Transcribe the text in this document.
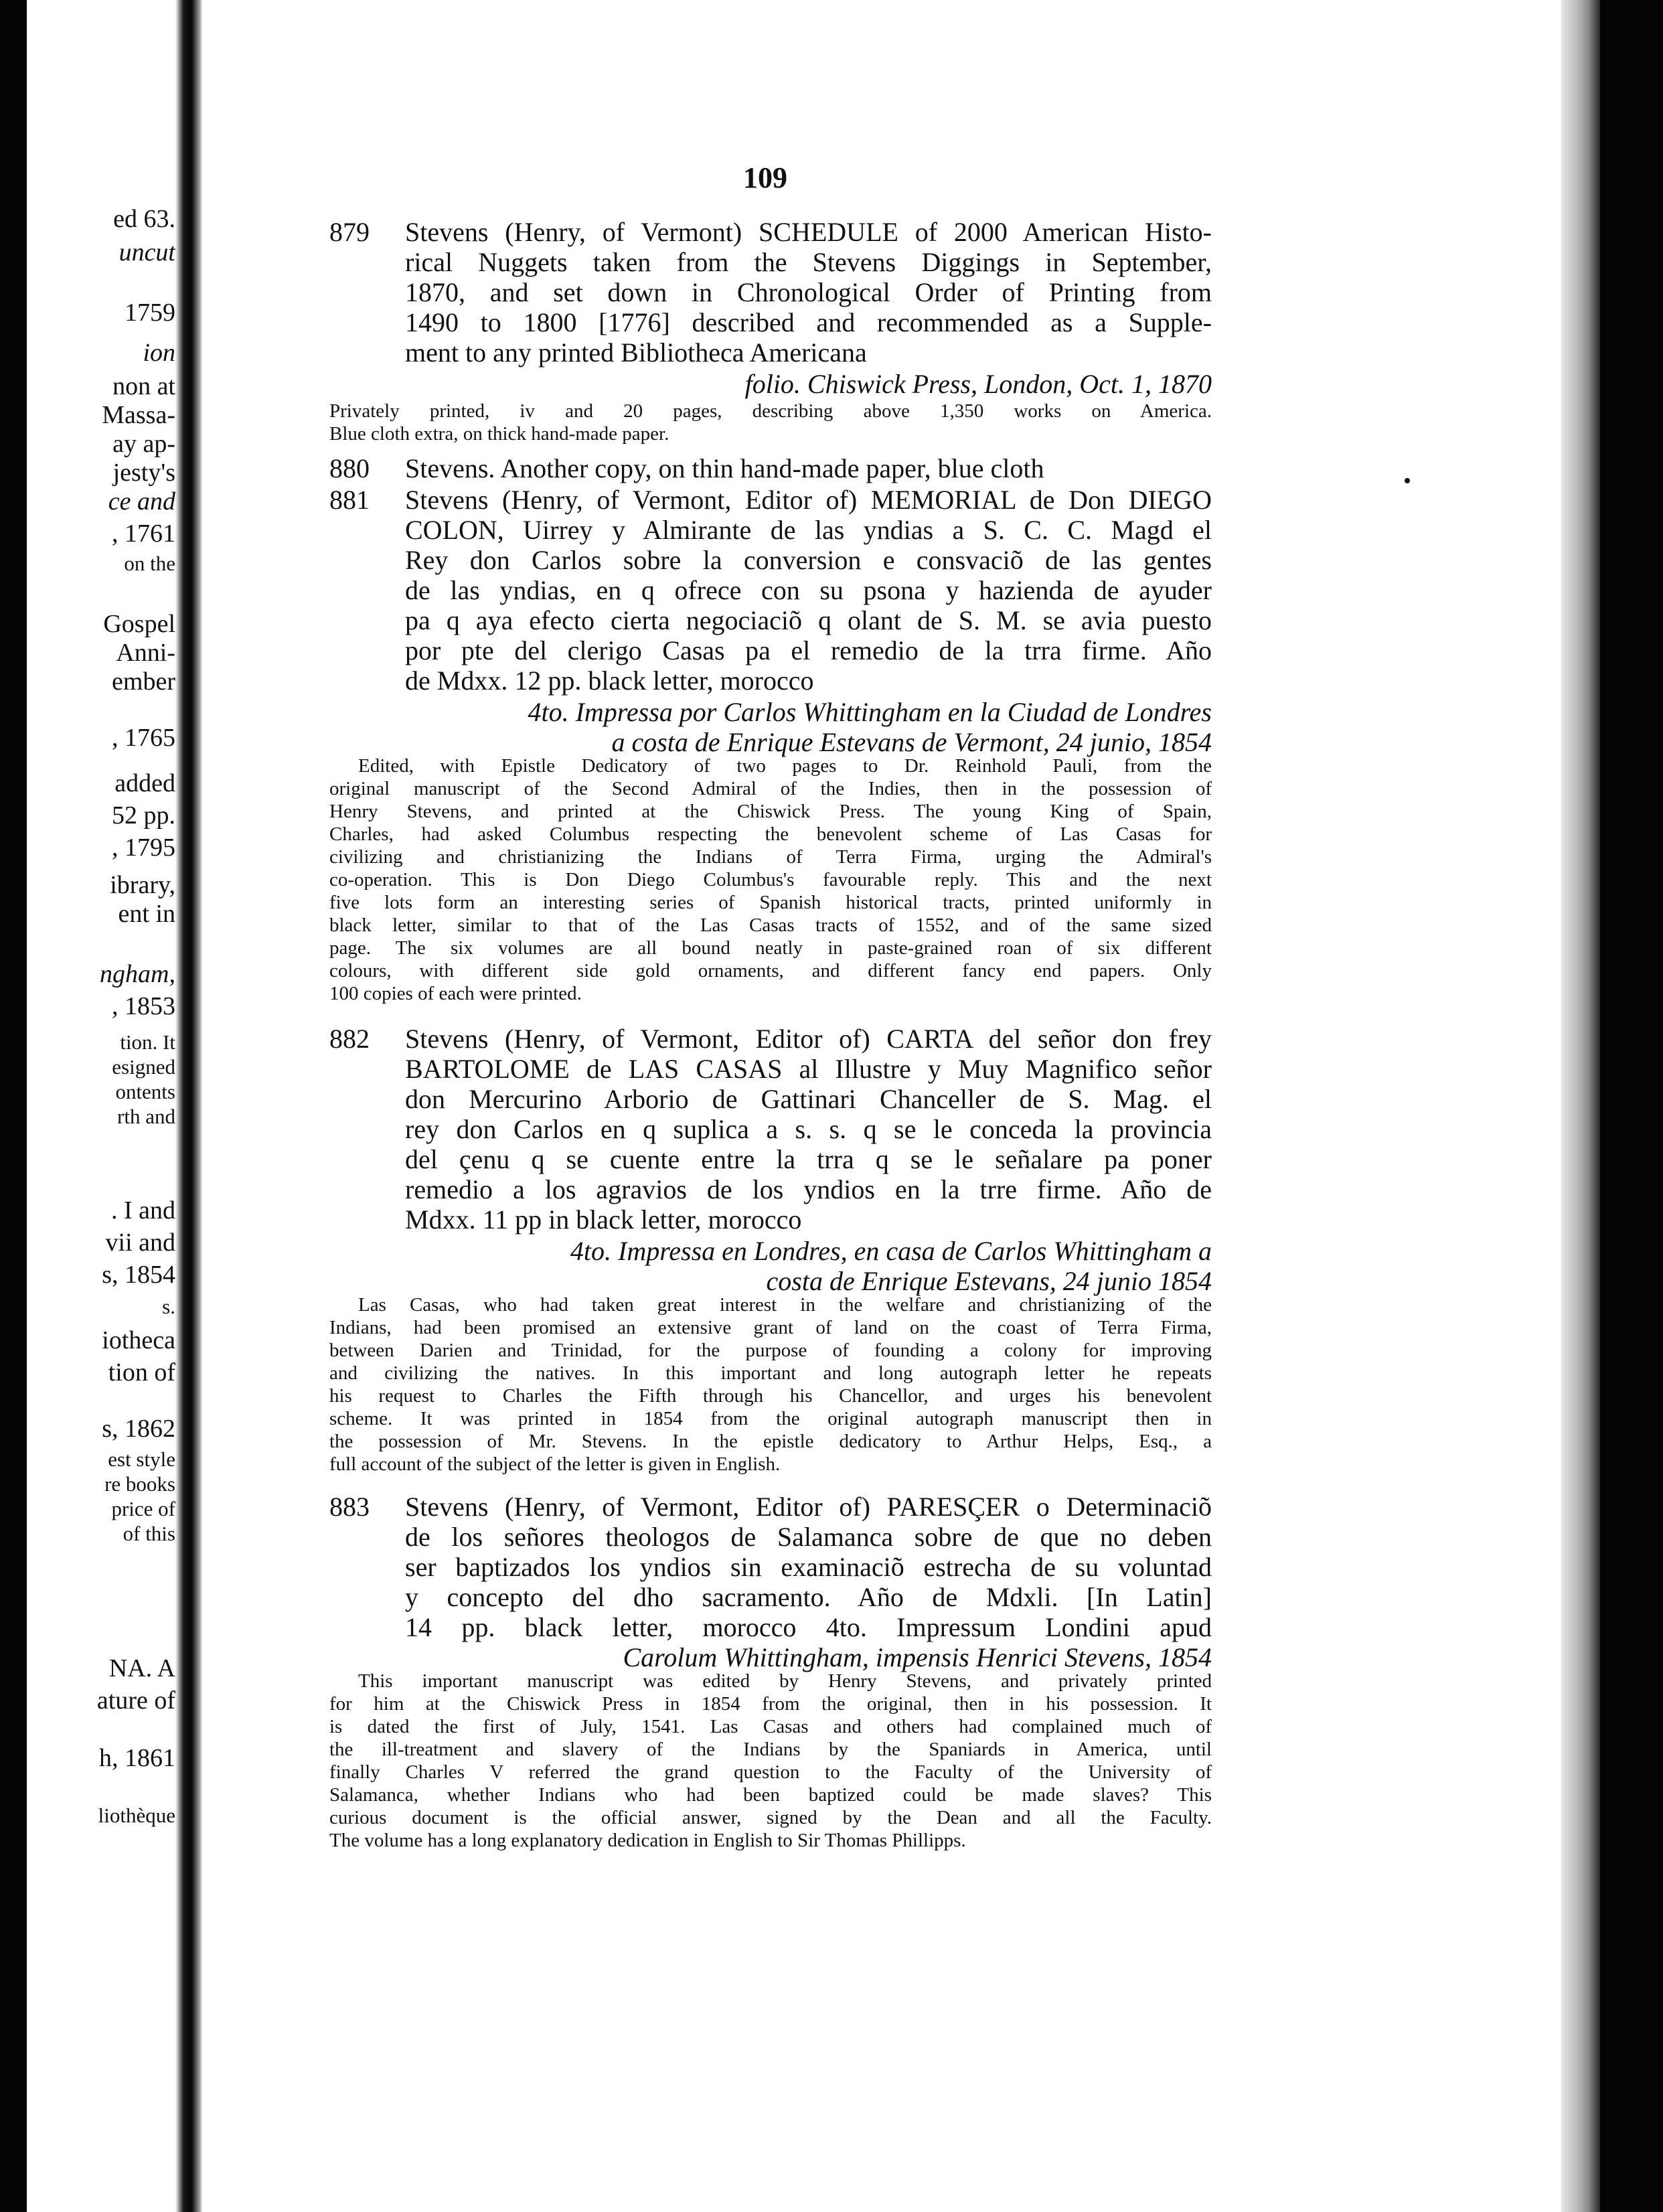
ed 63.
uncut
1759
ion
non at
Massa-
ay ap-
jesty's
ce and
, 1761
on the
Gospel
Anni-
ember
, 1765
added
52 pp.
, 1795
ibrary,
ent in
ngham,
, 1853
tion. It
esigned
ontents
rth and
. I and
vii and
s, 1854
s.
iotheca
tion of
s, 1862
est style
re books
price of
of this
NA. A
ature of
h, 1861
liothèque
109
879 Stevens (Henry, of Vermont) SCHEDULE of 2000 American Histo-
rical Nuggets taken from the Stevens Diggings in September,
1870, and set down in Chronological Order of Printing from
1490 to 1800 [1776] described and recommended as a Supple-
ment to any printed Bibliotheca Americana
folio. Chiswick Press, London, Oct. 1, 1870
Privately printed, iv and 20 pages, describing above 1,350 works on America.
Blue cloth extra, on thick hand-made paper.
880 Stevens. Another copy, on thin hand-made paper, blue cloth
881 Stevens (Henry, of Vermont, Editor of) MEMORIAL de Don DIEGO
COLON, Uirrey y Almirante de las yndias a S. C. C. Magd el
Rey don Carlos sobre la conversion e consvaciõ de las gentes
de las yndias, en q ofrece con su psona y hazienda de ayuder
pa q aya efecto cierta negociaciõ q olant de S. M. se avia puesto
por pte del clerigo Casas pa el remedio de la trra firme. Año
de Mdxx. 12 pp. black letter, morocco
4to. Impressa por Carlos Whittingham en la Ciudad de Londres
a costa de Enrique Estevans de Vermont, 24 junio, 1854
Edited, with Epistle Dedicatory of two pages to Dr. Reinhold Pauli, from the
original manuscript of the Second Admiral of the Indies, then in the possession of
Henry Stevens, and printed at the Chiswick Press. The young King of Spain,
Charles, had asked Columbus respecting the benevolent scheme of Las Casas for
civilizing and christianizing the Indians of Terra Firma, urging the Admiral's
co-operation. This is Don Diego Columbus's favourable reply. This and the next
five lots form an interesting series of Spanish historical tracts, printed uniformly in
black letter, similar to that of the Las Casas tracts of 1552, and of the same sized
page. The six volumes are all bound neatly in paste-grained roan of six different
colours, with different side gold ornaments, and different fancy end papers. Only
100 copies of each were printed.
882 Stevens (Henry, of Vermont, Editor of) CARTA del señor don frey
BARTOLOME de LAS CASAS al Illustre y Muy Magnifico señor
don Mercurino Arborio de Gattinari Chanceller de S. Mag. el
rey don Carlos en q suplica a s. s. q se le conceda la provincia
del çenu q se cuente entre la trra q se le señalare pa poner
remedio a los agravios de los yndios en la trre firme. Año de
Mdxx. 11 pp in black letter, morocco
4to. Impressa en Londres, en casa de Carlos Whittingham a
costa de Enrique Estevans, 24 junio 1854
Las Casas, who had taken great interest in the welfare and christianizing of the
Indians, had been promised an extensive grant of land on the coast of Terra Firma,
between Darien and Trinidad, for the purpose of founding a colony for improving
and civilizing the natives. In this important and long autograph letter he repeats
his request to Charles the Fifth through his Chancellor, and urges his benevolent
scheme. It was printed in 1854 from the original autograph manuscript then in
the possession of Mr. Stevens. In the epistle dedicatory to Arthur Helps, Esq., a
full account of the subject of the letter is given in English.
883 Stevens (Henry, of Vermont, Editor of) PARESÇER o Determinaciõ
de los señores theologos de Salamanca sobre de que no deben
ser baptizados los yndios sin examinaciõ estrecha de su voluntad
y concepto del dho sacramento. Año de Mdxli. [In Latin]
14 pp. black letter, morocco 4to. Impressum Londini apud
Carolum Whittingham, impensis Henrici Stevens, 1854
This important manuscript was edited by Henry Stevens, and privately printed
for him at the Chiswick Press in 1854 from the original, then in his possession. It
is dated the first of July, 1541. Las Casas and others had complained much of
the ill-treatment and slavery of the Indians by the Spaniards in America, until
finally Charles V referred the grand question to the Faculty of the University of
Salamanca, whether Indians who had been baptized could be made slaves? This
curious document is the official answer, signed by the Dean and all the Faculty.
The volume has a long explanatory dedication in English to Sir Thomas Phillipps.
